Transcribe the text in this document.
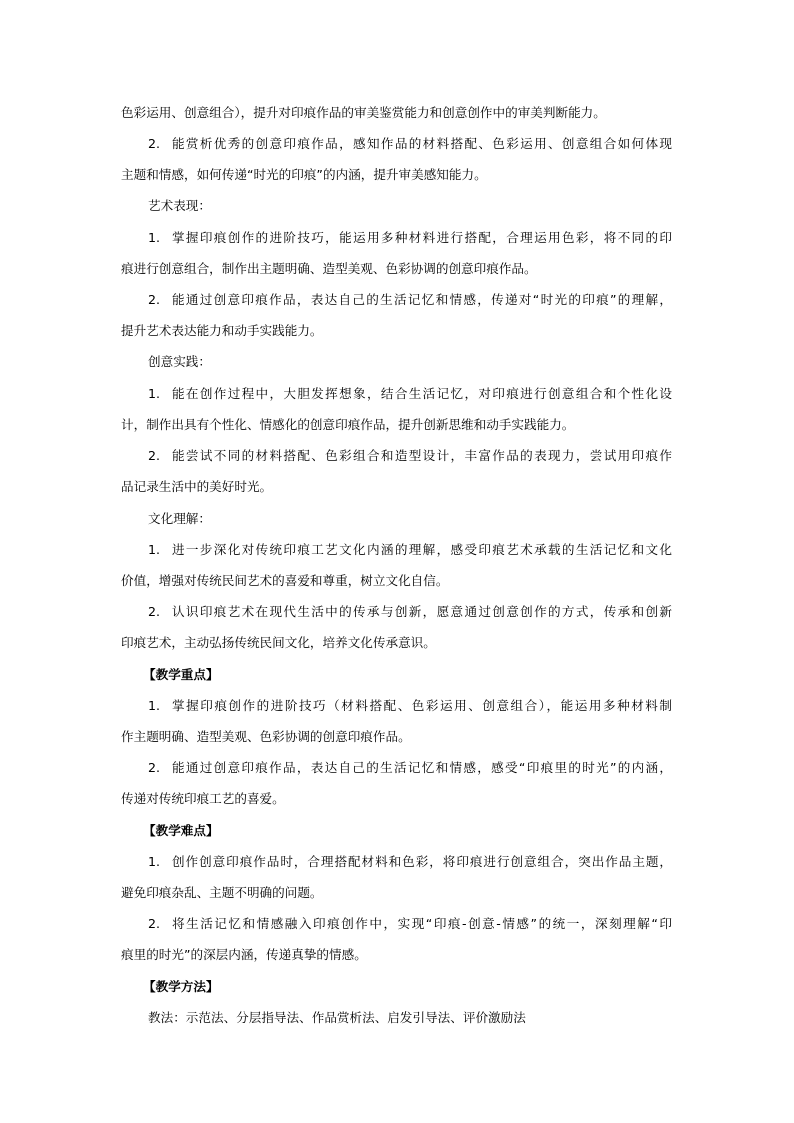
色彩运用、创意组合），提升对印痕作品的审美鉴赏能力和创意创作中的审美判断能力。
2. 能赏析优秀的创意印痕作品，感知作品的材料搭配、色彩运用、创意组合如何体现
主题和情感，如何传递“时光的印痕”的内涵，提升审美感知能力。
艺术表现：
1. 掌握印痕创作的进阶技巧，能运用多种材料进行搭配，合理运用色彩，将不同的印
痕进行创意组合，制作出主题明确、造型美观、色彩协调的创意印痕作品。
2. 能通过创意印痕作品，表达自己的生活记忆和情感，传递对“时光的印痕”的理解，
提升艺术表达能力和动手实践能力。
创意实践：
1. 能在创作过程中，大胆发挥想象，结合生活记忆，对印痕进行创意组合和个性化设
计，制作出具有个性化、情感化的创意印痕作品，提升创新思维和动手实践能力。
2. 能尝试不同的材料搭配、色彩组合和造型设计，丰富作品的表现力，尝试用印痕作
品记录生活中的美好时光。
文化理解：
1. 进一步深化对传统印痕工艺文化内涵的理解，感受印痕艺术承载的生活记忆和文化
价值，增强对传统民间艺术的喜爱和尊重，树立文化自信。
2. 认识印痕艺术在现代生活中的传承与创新，愿意通过创意创作的方式，传承和创新
印痕艺术，主动弘扬传统民间文化，培养文化传承意识。
【教学重点】
1. 掌握印痕创作的进阶技巧（材料搭配、色彩运用、创意组合），能运用多种材料制
作主题明确、造型美观、色彩协调的创意印痕作品。
2. 能通过创意印痕作品，表达自己的生活记忆和情感，感受“印痕里的时光”的内涵，
传递对传统印痕工艺的喜爱。
【教学难点】
1. 创作创意印痕作品时，合理搭配材料和色彩，将印痕进行创意组合，突出作品主题，
避免印痕杂乱、主题不明确的问题。
2. 将生活记忆和情感融入印痕创作中，实现“印痕-创意-情感”的统一，深刻理解“印
痕里的时光”的深层内涵，传递真挚的情感。
【教学方法】
教法：示范法、分层指导法、作品赏析法、启发引导法、评价激励法
